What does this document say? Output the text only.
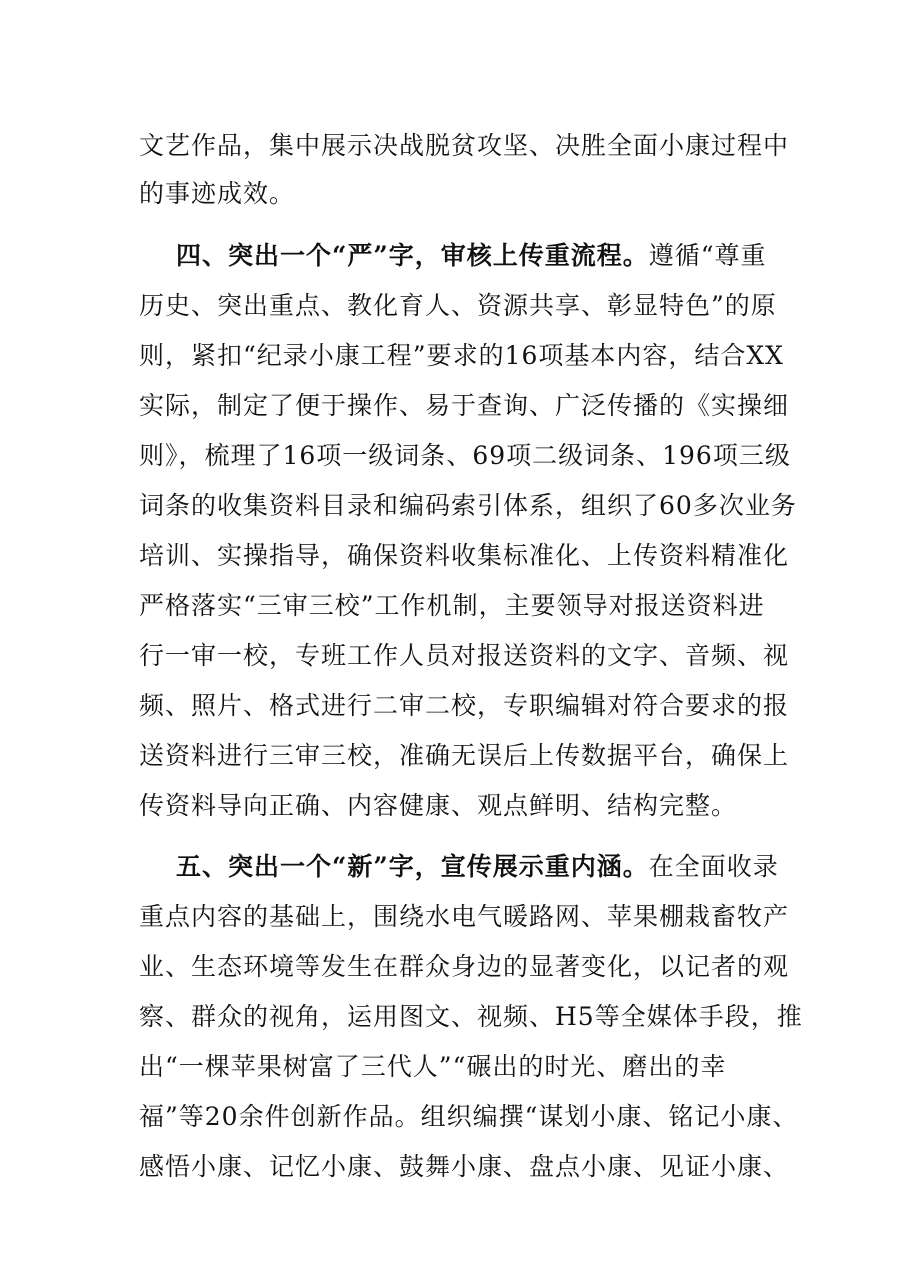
文艺作品，集中展示决战脱贫攻坚、决胜全面小康过程中
的事迹成效。
四、突出一个“严”字，审核上传重流程。遵循“尊重
历史、突出重点、教化育人、资源共享、彰显特色”的原
则，紧扣“纪录小康工程”要求的16项基本内容，结合XX
实际，制定了便于操作、易于查询、广泛传播的《实操细
则》，梳理了16项一级词条、69项二级词条、196项三级
词条的收集资料目录和编码索引体系，组织了60多次业务
培训、实操指导，确保资料收集标准化、上传资料精准化
严格落实“三审三校”工作机制，主要领导对报送资料进
行一审一校，专班工作人员对报送资料的文字、音频、视
频、照片、格式进行二审二校，专职编辑对符合要求的报
送资料进行三审三校，准确无误后上传数据平台，确保上
传资料导向正确、内容健康、观点鲜明、结构完整。
五、突出一个“新”字，宣传展示重内涵。在全面收录
重点内容的基础上，围绕水电气暖路网、苹果棚栽畜牧产
业、生态环境等发生在群众身边的显著变化，以记者的观
察、群众的视角，运用图文、视频、H5等全媒体手段，推
出“一棵苹果树富了三代人”“碾出的时光、磨出的幸
福”等20余件创新作品。组织编撰“谋划小康、铭记小康、
感悟小康、记忆小康、鼓舞小康、盘点小康、见证小康、
